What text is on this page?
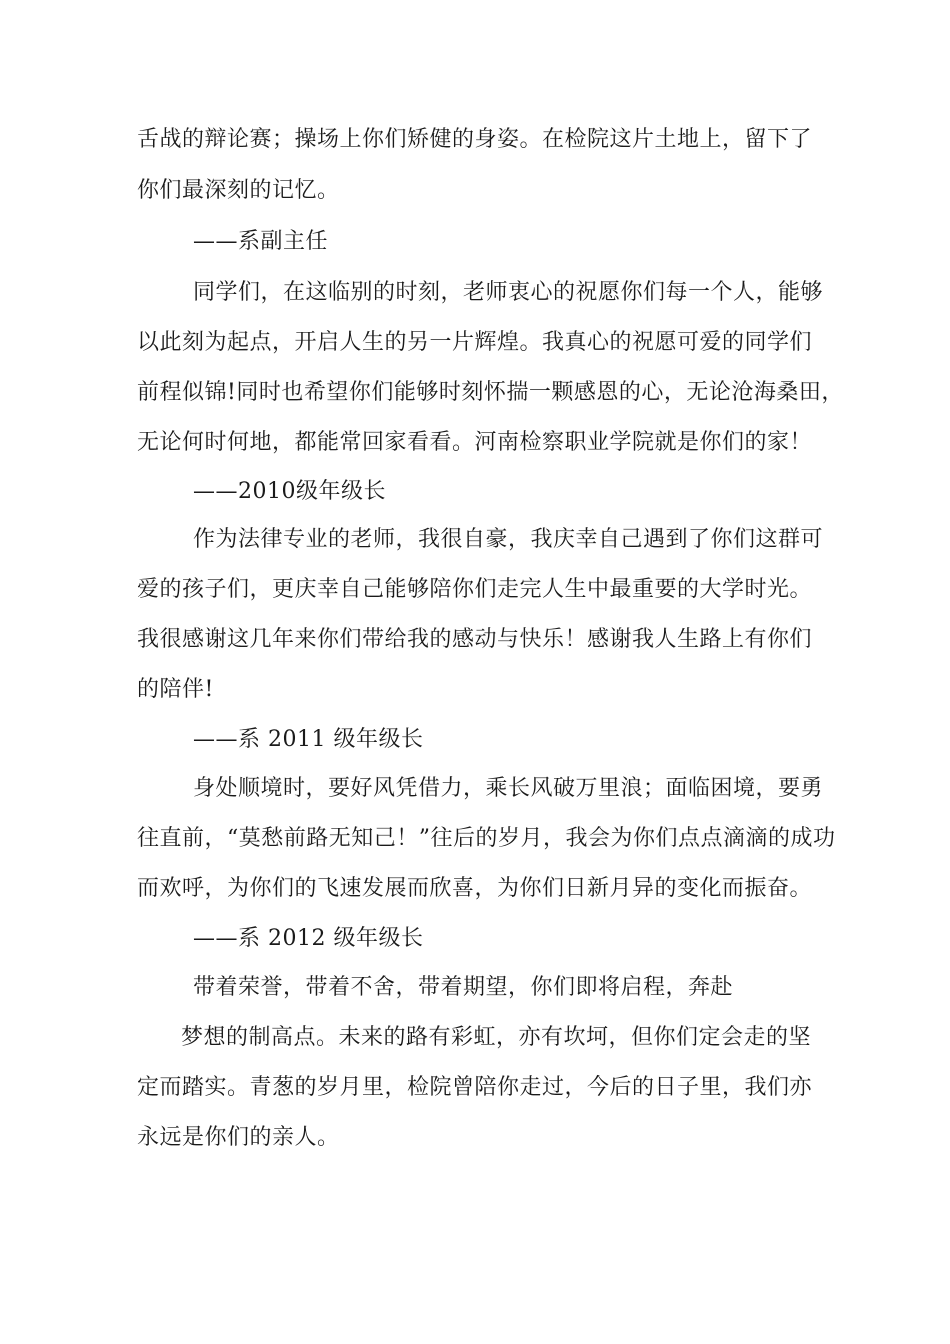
舌战的辩论赛；操场上你们矫健的身姿。在检院这片土地上，留下了
你们最深刻的记忆。
——系副主任
同学们，在这临别的时刻，老师衷心的祝愿你们每一个人，能够
以此刻为起点，开启人生的另一片辉煌。我真心的祝愿可爱的同学们
前程似锦!同时也希望你们能够时刻怀揣一颗感恩的心，无论沧海桑田，
无论何时何地，都能常回家看看。河南检察职业学院就是你们的家！
——2010级年级长
作为法律专业的老师，我很自豪，我庆幸自己遇到了你们这群可
爱的孩子们，更庆幸自己能够陪你们走完人生中最重要的大学时光。
我很感谢这几年来你们带给我的感动与快乐！感谢我人生路上有你们
的陪伴!
——系 2011 级年级长
身处顺境时，要好风凭借力，乘长风破万里浪；面临困境，要勇
往直前，“莫愁前路无知己！”往后的岁月，我会为你们点点滴滴的成功
而欢呼，为你们的飞速发展而欣喜，为你们日新月异的变化而振奋。
——系 2012 级年级长
带着荣誉，带着不舍，带着期望，你们即将启程，奔赴
梦想的制高点。未来的路有彩虹，亦有坎坷，但你们定会走的坚
定而踏实。青葱的岁月里，检院曾陪你走过，今后的日子里，我们亦
永远是你们的亲人。
